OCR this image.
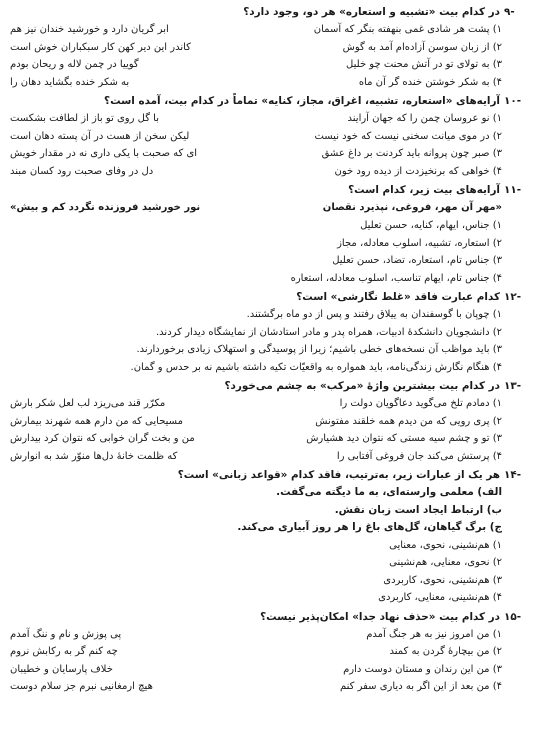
-۹
در کدام بیت «تشبیه و استعاره» هر دو، وجود دارد؟
۱) پشت هر شادی غمی بنهفته بنگر که آسمان
ابر گریان دارد و خورشید خندان نیز هم
۲) از زبان سوسن آزاده‌ام آمد به گوش
کاندر این دیر کهن کار سبکباران خوش است
۳) به تولای تو در آتش محنت چو خلیل
گوییا در چمن لاله و ریحان بودم
۴) به شکر خوشتن خنده گر آن ماه
به شکر خنده بگشاید دهان را
-۱۰
آرایه‌های «استعاره، تشبیه، اغراق، مجاز، کنایه» تماماً در کدام بیت، آمده است؟
۱) نو عروسان چمن را که جهان آرایند
با گل روی تو باز از لطافت بشکست
۲) در موی میانت سخنی نیست که خود نیست
لیکن سخن از هست در آن پسته دهان است
۳) صبر چون پروانه باید کردنت بر داغ عشق
ای که صحبت با یکی داری نه در مقدار خویش
۴) خواهی که برنخیزدت از دیده رود خون
دل در وفای صحبت رود کسان مبند
-۱۱
آرایه‌های بیت زیر، کدام است؟
«مهر آن مهر، فروغی، نپذیرد نقصان
نور خورشید فروزنده نگردد کم و بیش»
۱) جناس، ایهام، کنایه، حسن تعلیل
۲) استعاره، تشبیه، اسلوب معادله، مجاز
۳) جناس تام، استعاره، تضاد، حسن تعلیل
۴) جناس تام، ایهام تناسب، اسلوب معادله، استعاره
-۱۲
کدام عبارت فاقد «غلط نگارشی» است؟
۱) چوپان با گوسفندان به ییلاق رفتند و پس از دو ماه برگشتند.
۲) دانشجویان دانشکدهٔ ادبیات، همراه پدر و مادر استادشان از نمایشگاه دیدار کردند.
۳) باید مواظب آن نسخه‌های خطی باشیم؛ زیرا از پوسیدگی و استهلاک زیادی برخوردارند.
۴) هنگام نگارش زندگی‌نامه، باید همواره به واقعیّات تکیه داشته باشیم نه بر حدس و گمان.
-۱۳
در کدام بیت بیشترین واژهٔ «مرکب» به چشم می‌خورد؟
۱) دمادم تلخ می‌گوید دعاگویان دولت را
مکرّر قند می‌ریزد لب لعل شکر بارش
۲) پری رویی که من دیدم همه خلقند مفتونش
مسیحایی که من دارم همه شهرند بیمارش
۳) تو و چشم سیه مستی که نتوان دید هشیارش
من و بخت گران خوابی که نتوان کرد بیدارش
۴) پرستش می‌کند جان فروغی آفتابی را
که ظلمت خانهٔ دل‌ها منوّر شد به انوارش
-۱۴
هر یک از عبارات زیر، به‌ترتیب، فاقد کدام «قواعد زبانی» است؟
الف) معلمی وارسته‌ای، به ما دیگته می‌گفت.
ب) ارتباط ایجاد است زبان نقش.
ج) برگ گیاهان، گل‌های باغ را هر روز آبیاری می‌کند.
۱) هم‌نشینی، نحوی، معنایی
۲) نحوی، معنایی، هم‌نشینی
۳) هم‌نشینی، نحوی، کاربردی
۴) هم‌نشینی، معنایی، کاربردی
-۱۵
در کدام بیت «حذف نهاد جدا» امکان‌پذیر نیست؟
۱) من امروز نیز به هر جنگ آمدم
پی پوزش و نام و ننگ آمدم
۲) من بیچارهٔ گردن به کمند
چه کنم گر به رکابش نروم
۳) من این رندان و مستان دوست دارم
خلاف پارسایان و خطیبان
۴) من بعد از این اگر به دیاری سفر کنم
هیچ ارمغانیی نبرم جز سلام دوست
